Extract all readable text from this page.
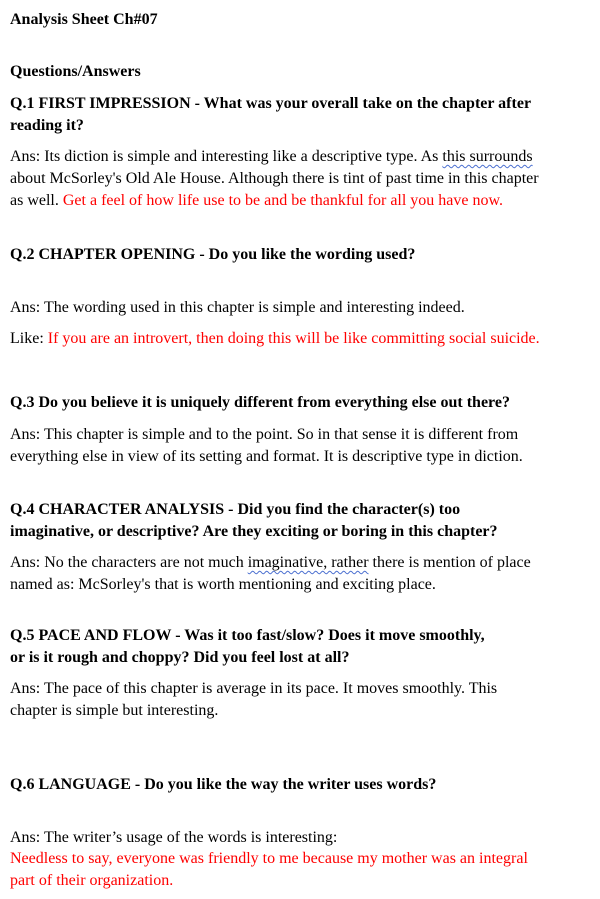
Analysis Sheet Ch#07
Questions/Answers
Q.1 FIRST IMPRESSION - What was your overall take on the chapter after
reading it?
Ans: Its diction is simple and interesting like a descriptive type. As this surrounds
about McSorley's Old Ale House. Although there is tint of past time in this chapter
as well. Get a feel of how life use to be and be thankful for all you have now.
Q.2 CHAPTER OPENING - Do you like the wording used?
Ans: The wording used in this chapter is simple and interesting indeed.
Like: If you are an introvert, then doing this will be like committing social suicide.
Q.3 Do you believe it is uniquely different from everything else out there?
Ans: This chapter is simple and to the point. So in that sense it is different from
everything else in view of its setting and format. It is descriptive type in diction.
Q.4 CHARACTER ANALYSIS - Did you find the character(s) too
imaginative, or descriptive? Are they exciting or boring in this chapter?
Ans: No the characters are not much imaginative, rather there is mention of place
named as: McSorley's that is worth mentioning and exciting place.
Q.5 PACE AND FLOW - Was it too fast/slow? Does it move smoothly,
or is it rough and choppy? Did you feel lost at all?
Ans: The pace of this chapter is average in its pace. It moves smoothly. This
chapter is simple but interesting.
Q.6 LANGUAGE - Do you like the way the writer uses words?
Ans: The writer’s usage of the words is interesting:
Needless to say, everyone was friendly to me because my mother was an integral
part of their organization.
